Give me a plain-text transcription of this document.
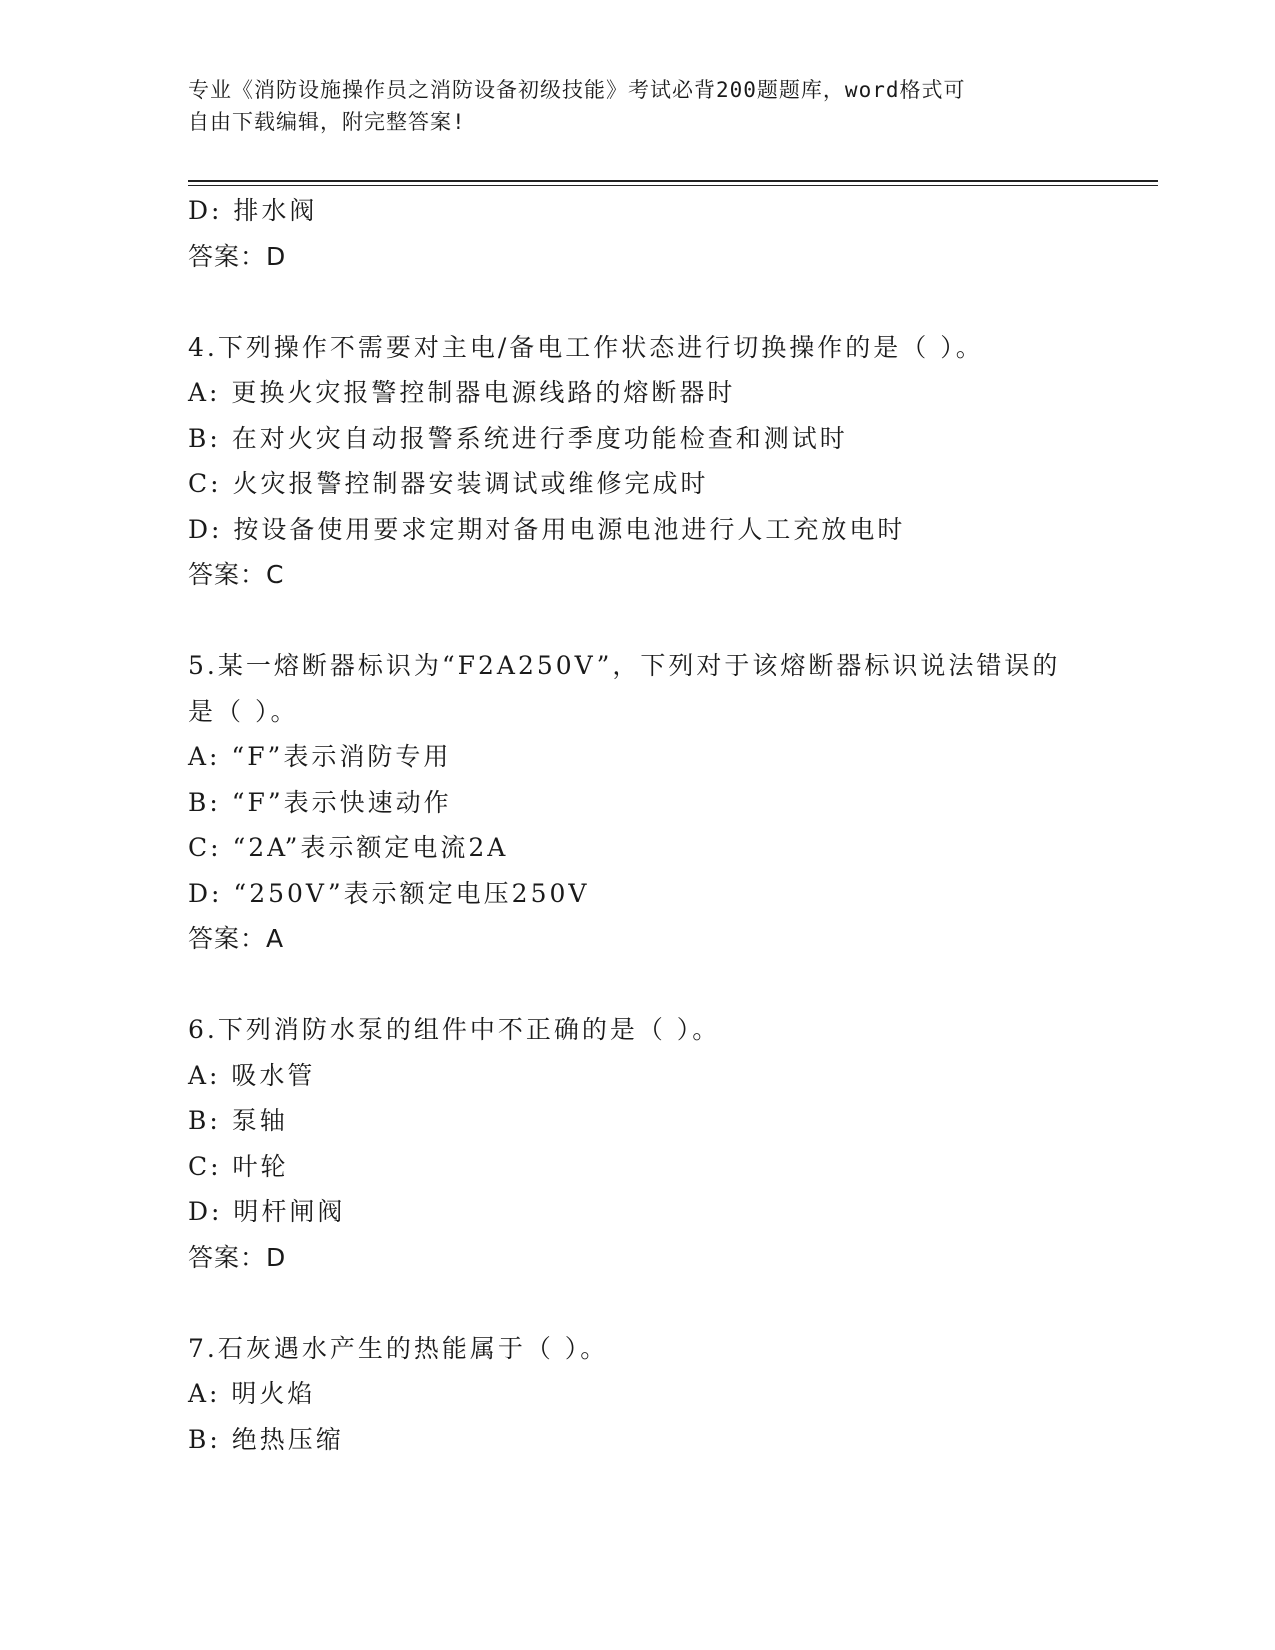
专业《消防设施操作员之消防设备初级技能》考试必背200题题库，word格式可
自由下载编辑，附完整答案!
D: 排水阀
答案：D
4.下列操作不需要对主电/备电工作状态进行切换操作的是（ ）。
A: 更换火灾报警控制器电源线路的熔断器时
B: 在对火灾自动报警系统进行季度功能检查和测试时
C: 火灾报警控制器安装调试或维修完成时
D: 按设备使用要求定期对备用电源电池进行人工充放电时
答案：C
5.某一熔断器标识为“F2A250V”，下列对于该熔断器标识说法错误的
是（ ）。
A: “F”表示消防专用
B: “F”表示快速动作
C: “2A”表示额定电流2A
D: “250V”表示额定电压250V
答案：A
6.下列消防水泵的组件中不正确的是（ ）。
A: 吸水管
B: 泵轴
C: 叶轮
D: 明杆闸阀
答案：D
7.石灰遇水产生的热能属于（ ）。
A: 明火焰
B: 绝热压缩
